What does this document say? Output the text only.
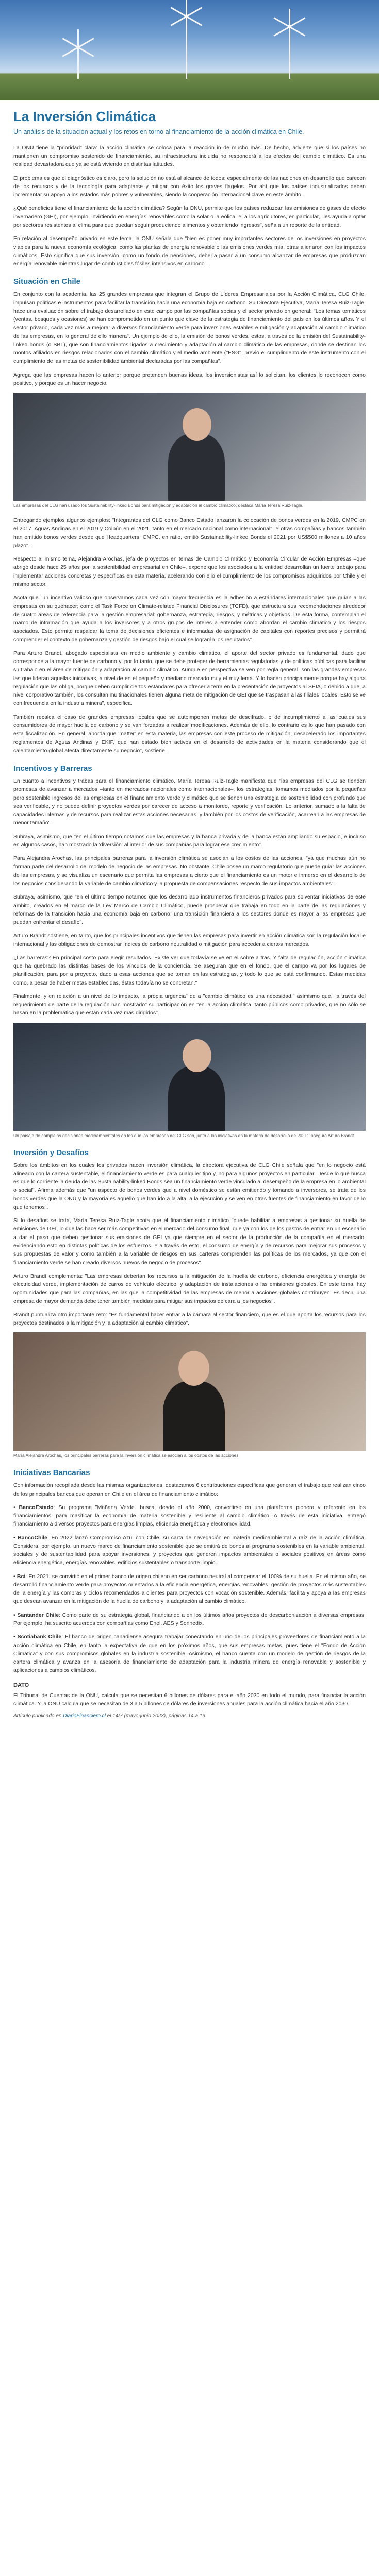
La Inversión Climática

Un análisis de la situación actual y los retos en torno al financiamiento de la acción climática en Chile.

La ONU tiene la "prioridad" clara: la acción climática se coloca para la reacción in de mucho más. De hecho, advierte que si los países no mantienen un compromiso sostenido de financiamiento, su infraestructura incluida no responderá a los efectos del cambio climático. Es una realidad devastadora que ya se está viviendo en distintas latitudes.

El problema es que el diagnóstico es claro, pero la solución no está al alcance de todos: especialmente de las naciones en desarrollo que carecen de los recursos y de la tecnología para adaptarse y mitigar con éxito los graves flagelos. Por ahí que los países industrializados deben incrementar su apoyo a los estados más pobres y vulnerables, siendo la cooperación internacional clave en este ámbito.

¿Qué beneficios tiene el financiamiento de la acción climática? Según la ONU, permite que los países reduzcan las emisiones de gases de efecto invernadero (GEI), por ejemplo, invirtiendo en energías renovables como la solar o la eólica. Y, a los agricultores, en particular, "les ayuda a optar por sectores resistentes al clima para que puedan seguir produciendo alimentos y obteniendo ingresos", señala un reporte de la entidad.

En relación al desempeño privado en este tema, la ONU señala que "bien es poner muy importantes sectores de los inversiones en proyectos viables para la nueva economía ecológica, como las plantas de energía renovable o las emisiones verdes mia, otras alienaron con los impactos climáticos. Esto significa que sus inversión, como un fondo de pensiones, debería pasar a un consumo alcanzar de empresas que produzcan energía renovable mientras lugar de combustibles fósiles intensivos en carbono".

Situación en Chile

En conjunto con la academia, las 25 grandes empresas que integran el Grupo de Líderes Empresariales por la Acción Climática, CLG Chile, impulsan políticas e instrumentos para facilitar la transición hacia una economía baja en carbono. Su Directora Ejecutiva, María Teresa Ruiz-Tagle, hace una evaluación sobre el trabajo desarrollado en este campo por las compañías socias y el sector privado en general: "Los temas temáticos (ventas, bosques y ocasiones) se han comprometido en un punto que clave de la estrategia de financiamiento del país en los últimos años. Y el sector privado, cada vez más a mejorar a diversos financiamiento verde para inversiones estables e mitigación y adaptación al cambio climático de las empresas, en lo general de ello manera". Un ejemplo de ello, la emisión de bonos verdes, estos, a través de la emisión del Sustainability-linked bonds (o SBL), que son financiamientos ligados a crecimiento y adaptación al cambio climático de las empresas, donde se destinan los montos afiliados en riesgos relacionados con el cambio climático y el medio ambiente ("ESG", previo el cumplimiento de este instrumento con el cumplimiento de las metas de sostenibilidad ambiental declaradas por las compañías".

Agrega que las empresas hacen lo anterior porque pretenden buenas ideas, los inversionistas así lo solicitan, los clientes lo reconocen como positivo, y porque es un hacer negocio.

Las empresas del CLG han usado los Sustainability-linked Bonds para mitigación y adaptación al cambio climático, destaca María Teresa Ruiz-Tagle.

Entregando ejemplos algunos ejemplos: "Integrantes del CLG como Banco Estado lanzaron la colocación de bonos verdes en la 2019, CMPC en el 2017, Aguas Andinas en el 2019 y Colbún en el 2021, tanto en el mercado nacional como internacional". Y otras compañías y bancos también han emitido bonos verdes desde que Headquarters, CMPC, en ratio, emitió Sustainability-linked Bonds el 2021 por US$500 millones a 10 años plazo".

Respecto al mismo tema, Alejandra Arochas, jefa de proyectos en temas de Cambio Climático y Economía Circular de Acción Empresas –que abrigó desde hace 25 años por la sostenibilidad empresarial en Chile–, expone que los asociados a la entidad desarrollan un fuerte trabajo para implementar acciones concretas y específicas en esta materia, acelerando con ello el cumplimiento de los compromisos adquiridos por Chile y el mismo sector.

Acota que "un incentivo valioso que observamos cada vez con mayor frecuencia es la adhesión a estándares internacionales que guían a las empresas en su quehacer; como el Task Force on Climate-related Financial Disclosures (TCFD), que estructura sus recomendaciones alrededor de cuatro áreas de referencia para la gestión empresarial: gobernanza, estrategia, riesgos, y métricas y objetivos. De esta forma, contemplan el marco de información que ayuda a los inversores y a otros grupos de interés a entender cómo abordan el cambio climático y los riesgos asociados. Esto permite respaldar la toma de decisiones eficientes e informadas de asignación de capitales con reportes precisos y permitirá comprender el contexto de gobernanza y gestión de riesgos bajo el cual se lograrán los resultados".

Para Arturo Brandt, abogado especialista en medio ambiente y cambio climático, el aporte del sector privado es fundamental, dado que corresponde a la mayor fuente de carbono y, por lo tanto, que se debe proteger de herramientas regulatorias y de políticas públicas para facilitar su trabajo en el área de mitigación y adaptación al cambio climático. Aunque en perspectiva se ven por regla general, son las grandes empresas las que lideran aquellas iniciativas, a nivel de en el pequeño y mediano mercado muy el muy lenta. Y lo hacen principalmente porque hay alguna regulación que las obliga, porque deben cumplir ciertos estándares para ofrecer a terra en la presentación de proyectos al SEIA, o debido a que, a nivel corporativo también, los consultan multinacionales tienen alguna meta de mitigación de GEI que se traspasan a las filiales locales. Esto se ve con frecuencia en la industria minera", especifica.

También recalca el caso de grandes empresas locales que se autoimponen metas de descifrado, o de incumplimiento a las cuales sus consumidores de mayor huella de carbono y se van forzadas a realizar modificaciones. Además de ello, lo contrario es lo que han pasado con esta fiscalización. En general, aborda que 'matter' en esta materia, las empresas con este proceso de mitigación, desacelerado los importantes reglamentos de Aguas Andinas y EKIP, que han estado bien activos en el desarrollo de actividades en la materia considerando que el calentamiento global afecta directamente su negocio", sostiene.

Incentivos y Barreras

En cuanto a incentivos y trabas para el financiamiento climático, María Teresa Ruiz-Tagle manifiesta que "las empresas del CLG se tienden promesas de avanzar a mercados –tanto en mercados nacionales como internacionales–, los estrategias, tomamos mediados por la pequeñas pero sostenible ingresos de las empresas en el financiamiento verde y climático que se tienen una estrategia de sostenibilidad con profundo que sea verificable, y no puede definir proyectos verdes por carecer de acceso a monitoreo, reporte y verificación. Lo anterior, sumado a la falta de capacidades internas y de recursos para realizar estas acciones necesarias, y también por los costos de verificación, acarrean a las empresas de menor tamaño".

Subraya, asimismo, que "en el último tiempo notamos que las empresas y la banca privada y de la banca están ampliando su espacio, e incluso en algunos casos, han mostrado la 'diversión' al interior de sus compañías para lograr ese crecimiento".

Para Alejandra Arochas, las principales barreras para la inversión climática se asocian a los costos de las acciones, "ya que muchas aún no forman parte del desarrollo del modelo de negocio de las empresas. No obstante, Chile posee un marco regulatorio que puede guiar las acciones de las empresas, y se visualiza un escenario que permita las empresas a cierto que el financiamiento es un motor e inmerso en el desarrollo de los negocios considerando la variable de cambio climático y la propuesta de compensaciones respecto de sus impactos ambientales".

Subraya, asimismo, que "en el último tiempo notamos que los desarrollado instrumentos financieros privados para solventar iniciativas de este ámbito, creados en el marco de la Ley Marco de Cambio Climático, puede prosperar que trabaja en todo en la parte de las regulaciones y reformas de la transición hacia una economía baja en carbono; una transición financiera a los sectores donde es mayor a las empresas que puedan enfrentar el desafío".

Arturo Brandt sostiene, en tanto, que los principales incentivos que tienen las empresas para invertir en acción climática son la regulación local e internacional y las obligaciones de demostrar índices de carbono neutralidad o mitigación para acceder a ciertos mercados.

¿Las barreras? En principal costo para elegir resultados. Existe ver que todavía se ve en el sobre a tras. Y falta de regulación, acción climática que ha quebrado las distintas bases de los vínculos de la conciencia. Se aseguran que en el fondo, que el campo va por los lugares de planificación, para por a proyecto, dado a esas acciones que se toman en las estrategias, y todo lo que se está confirmando. Estas medidas como, a pesar de haber metas establecidas, éstas todavía no se concretan."

Finalmente, y en relación a un nivel de lo impacto, la propia urgencia" de a "cambio climático es una necesidad," asimismo que, "a través del requerimiento de parte de la regulación han mostrado" su participación en "en la acción climática, tanto públicos como privados, que no sólo se basan en la problemática que están cada vez más dirigidos".

Un paisaje de complejas decisiones medioambientales en los que las empresas del CLG son, junto a las iniciativas en la materia de desarrollo de 2021", asegura Arturo Brandt.
Inversión y Desafíos

Sobre los ámbitos en los cuales los privados hacen inversión climática, la directora ejecutiva de CLG Chile señala que "en lo negocio está alineado con la cartera sustentable, el financiamiento verde es para cualquier tipo y, no para algunos proyectos en particular. Desde lo que busca es que lo corriente la deuda de las Sustainability-linked Bonds sea un financiamiento verde vinculado al desempeño de la empresa en lo ambiental o social". Afirma además que "un aspecto de bonos verdes que a nivel doméstico se están emitiendo y tomando a inversores, se trata de los bonos verdes que la ONU y la mayoría es aquello que han ido a la alta, a la ejecución y se ven en otras fuentes de financiamiento en favor de lo que tenemos".

Si lo desafíos se trata, María Teresa Ruiz-Tagle acota que el financiamiento climático "puede habilitar a empresas a gestionar su huella de emisiones de GEI, lo que las hace ser más competitivas en el mercado del consumo final, que ya con los de los gastos de entrar en un escenario a dar el paso que deben gestionar sus emisiones de GEI ya que siempre en el sector de la producción de la compañía en el mercado, evidenciando esto en distintas políticas de los esfuerzos. Y a través de esto, el consumo de energía y de recursos para mejorar sus procesos y sus propuestas de valor y como también a la variable de riesgos en sus carteras comprenden las políticas de los mercados, ya que con el financiamiento verde se han creado diversos nuevos de negocio de procesos".

Arturo Brandt complementa: "Las empresas deberían los recursos a la mitigación de la huella de carbono, eficiencia energética y energía de electricidad verde, implementación de carros de vehículo eléctrico, y adaptación de instalaciones o las emisiones globales. En este tema, hay oportunidades que para las compañías, en las que la competitividad de las empresas de menor a acciones globales contribuyen. Es decir, una empresa de mayor demanda debe tener también medidas para mitigar sus impactos de cara a los negocios".

Brandt puntualiza otro importante reto: "Es fundamental hacer entrar a la cámara al sector financiero, que es el que aporta los recursos para los proyectos destinados a la mitigación y la adaptación al cambio climático".

María Alejandra Arochas, los principales barreras para la inversión climática se asocian a los costos de las acciones.
Iniciativas Bancarias

Con información recopilada desde las mismas organizaciones, destacamos 6 contribuciones específicas que generan el trabajo que realizan cinco de los principales bancos que operan en Chile en el área de financiamiento climático:

• BancoEstado: Su programa "Mañana Verde" busca, desde el año 2000, convertirse en una plataforma pionera y referente en los financiamientos, para masificar la economía de materia sostenible y resiliente al cambio climático. A través de esta iniciativa, entregó financiamiento a diversos proyectos para energías limpias, eficiencia energética y electromovilidad.

• BancoChile: En 2022 lanzó Compromiso Azul con Chile, su carta de navegación en materia medioambiental a raíz de la acción climática. Considera, por ejemplo, un nuevo marco de financiamiento sostenible que se emitirá de bonos al programa sostenibles en la variable ambiental, sociales y de sustentabilidad para apoyar inversiones, y proyectos que generen impactos ambientales o sociales positivos en áreas como eficiencia energética, energías renovables, edificios sustentables o transporte limpio.

• Bci: En 2021, se convirtió en el primer banco de origen chileno en ser carbono neutral al compensar el 100% de su huella. En el mismo año, se desarrolló financiamiento verde para proyectos orientados a la eficiencia energética, energías renovables, gestión de proyectos más sustentables de la energía y las compras y ciclos recomendados a clientes para proyectos con vocación sostenible. Además, facilita y apoya a las empresas que desean avanzar en la mitigación de la huella de carbono y la adaptación al cambio climático.

• Santander Chile: Como parte de su estrategia global, financiando a en los últimos años proyectos de descarbonización a diversas empresas. Por ejemplo, ha suscrito acuerdos con compañías como Enel, AES y Sonnedix.

• Scotiabank Chile: El banco de origen canadiense asegura trabajar conectando en uno de los principales proveedores de financiamiento a la acción climática en Chile, en tanto la expectativa de que en los próximos años, que sus empresas metas, pues tiene el "Fondo de Acción Climática" y con sus compromisos globales en la industria sostenible. Asimismo, el banco cuenta con un modelo de gestión de riesgos de la cartera climática y avanza en la asesoría de financiamiento de adaptación para la industria minera de energía renovable y sostenible y aplicaciones a cambios climáticos.

DATO

El Tribunal de Cuentas de la ONU, calcula que se necesitan 6 billones de dólares para el año 2030 en todo el mundo, para financiar la acción climática. Y la ONU calcula que se necesitan de 3 a 5 billones de dólares de inversiones anuales para la acción climática hacia el año 2030.

Artículo publicado en DiarioFinanciero.cl el 14/7 (mayo-junio 2023), páginas 14 a 19.
